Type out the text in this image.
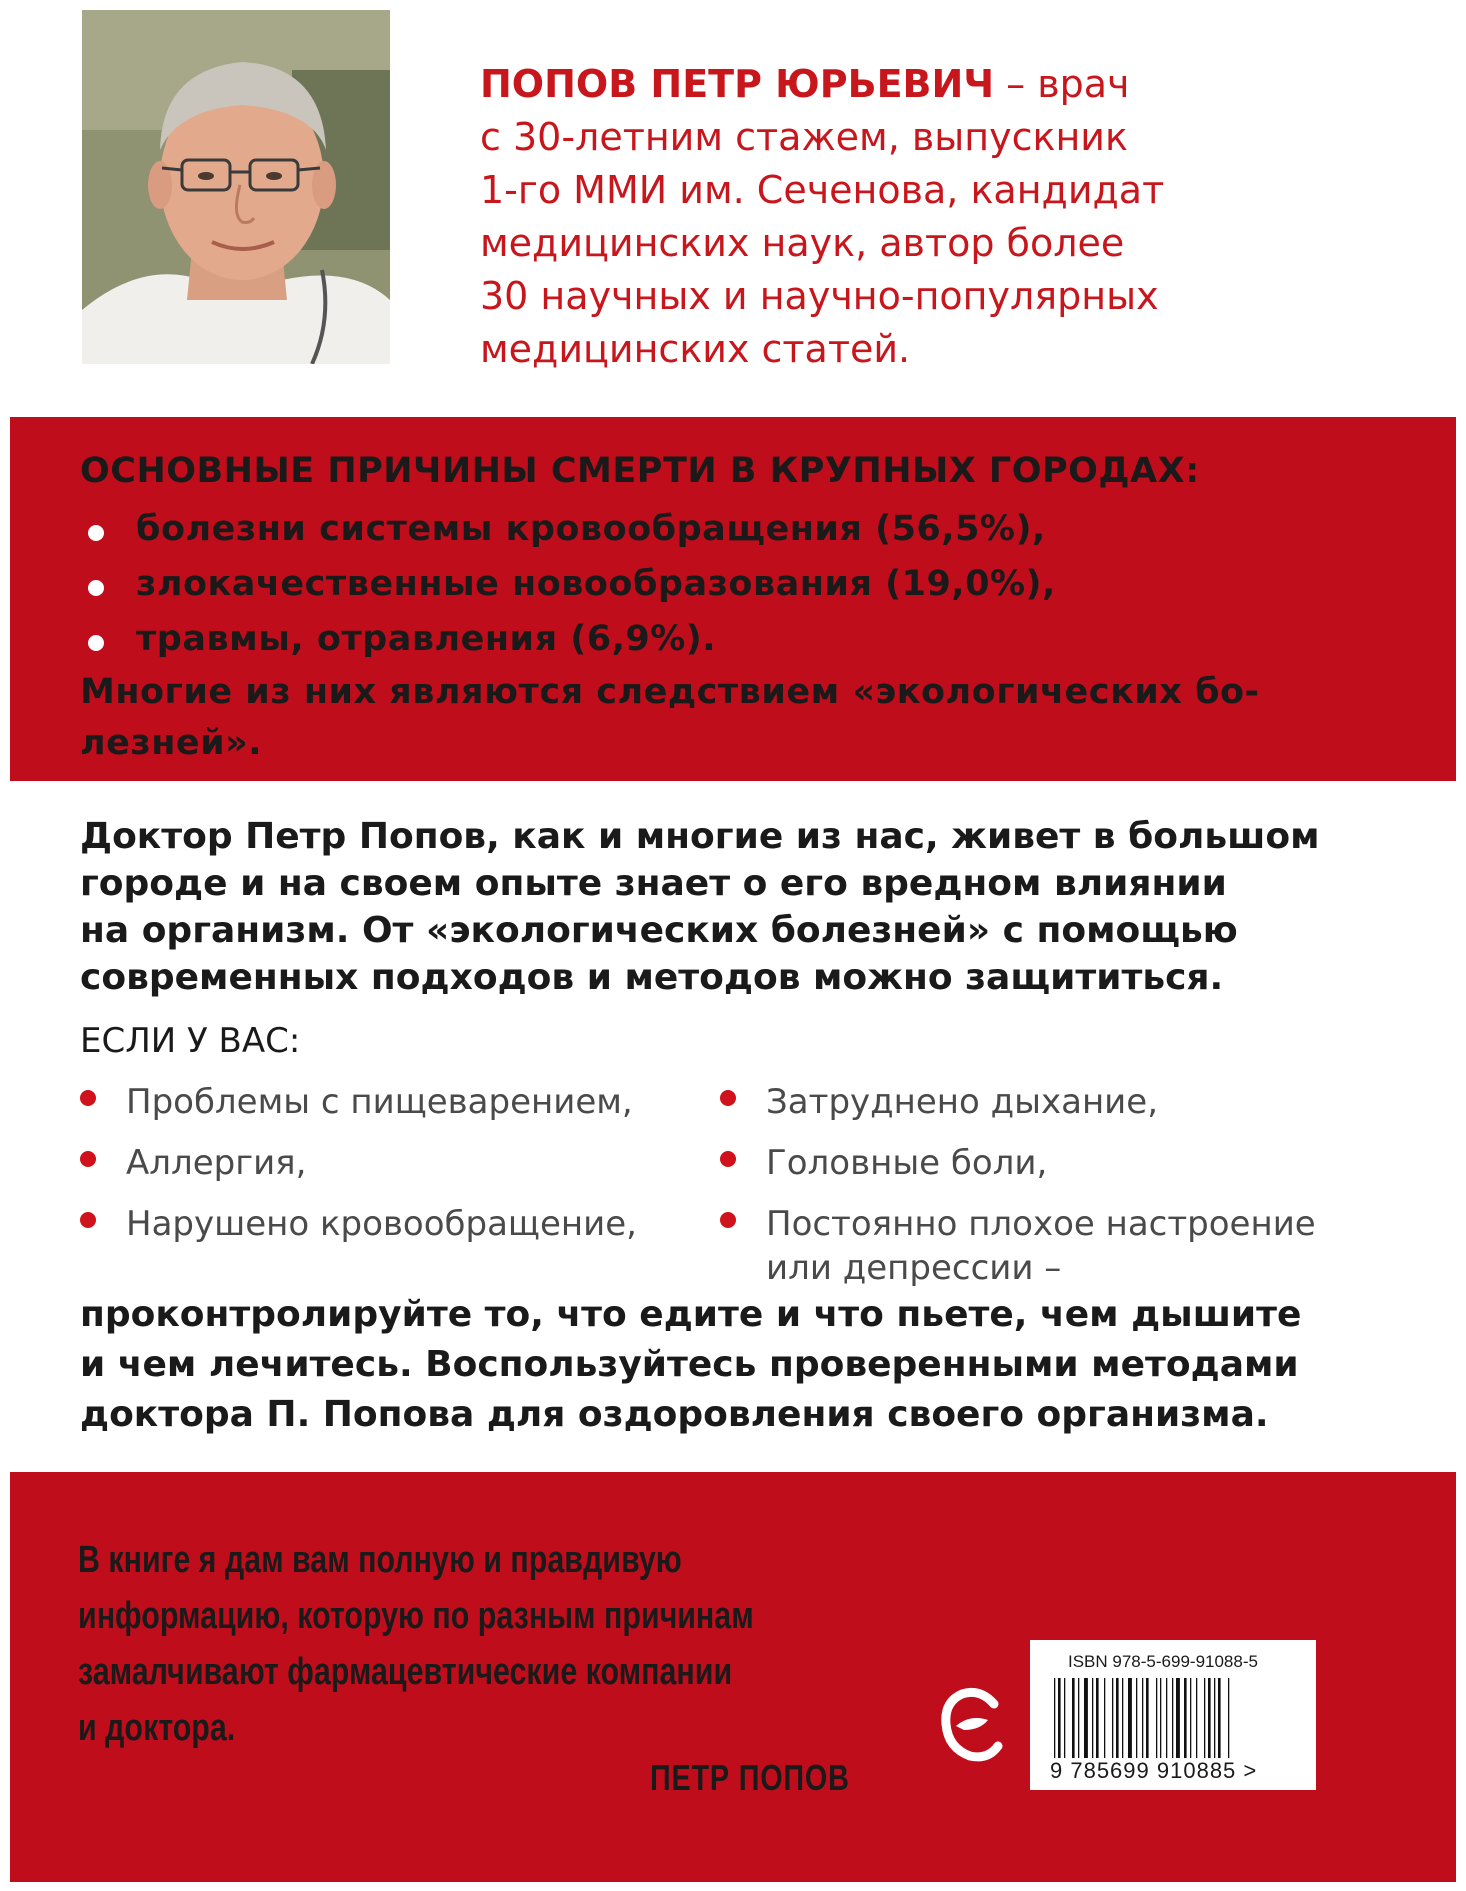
ПОПОВ ПЕТР ЮРЬЕВИЧ – врач
с 30-летним стажем, выпускник
1-го ММИ им. Сеченова, кандидат
медицинских наук, автор более
30 научных и научно-популярных
медицинских статей.
ОСНОВНЫЕ ПРИЧИНЫ СМЕРТИ В КРУПНЫХ ГОРОДАХ:
болезни системы кровообращения (56,5%),
злокачественные новообразования (19,0%),
травмы, отравления (6,9%).
Многие из них являются следствием «экологических бо-
лезней».
Доктор Петр Попов, как и многие из нас, живет в большом
городе и на своем опыте знает о его вредном влиянии
на организм. От «экологических болезней» с помощью
современных подходов и методов можно защититься.
ЕСЛИ У ВАС:
Проблемы с пищеварением,
Аллергия,
Нарушено кровообращение,
Затруднено дыхание,
Головные боли,
Постоянно плохое настроение
или депрессии –
проконтролируйте то, что едите и что пьете, чем дышите
и чем лечитесь. Воспользуйтесь проверенными методами
доктора П. Попова для оздоровления своего организма.
В книге я дам вам полную и правдивую
информацию, которую по разным причинам
замалчивают фармацевтические компании
и доктора.
ПЕТР ПОПОВ
ISBN 978-5-699-91088-5
9 785699 910885 >
